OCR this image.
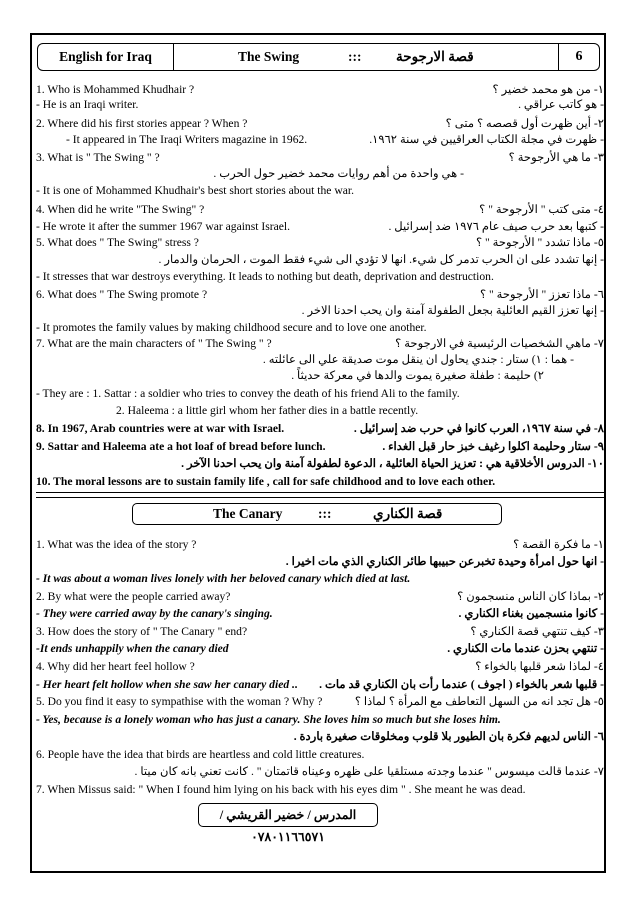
English for Iraq	The Swing	:::	قصة الارجوحة	6
1. Who is Mohammed Khudhair ?	١- من هو محمد خضير ؟
- He is an Iraqi writer.	- هو كاتب عراقي .
2. Where did his first stories appear ? When ?	٢- أين ظهرت أول قصصه ؟ متى ؟
- It appeared in The Iraqi Writers magazine in 1962.	- ظهرت في مجلة الكتاب العراقيين في سنة ١٩٦٢.
3. What is " The Swing " ?	٣- ما هي الأرجوحة ؟
- هي واحدة من أهم روايات محمد خضير حول الحرب .
- It is one of Mohammed Khudhair's best short stories about the war.
4. When did he write "The Swing" ?	٤- متى كتب " الأرجوحة " ؟
- He wrote it after the summer 1967 war against Israel.	- كتبها بعد حرب صيف عام ١٩٧٦ ضد إسرائيل .
5. What does " The Swing" stress ?	٥- ماذا تشدد " الأرجوحة " ؟
- إنها تشدد على ان الحرب تدمر كل شيء. انها لا تؤدي الى شيء فقط الموت ، الحرمان والدمار .
- It stresses that war destroys everything. It leads to nothing but death, deprivation and destruction.
6. What does " The Swing promote ?	٦- ماذا تعزز " الأرجوحة " ؟
- إنها تعزز القيم العائلية بجعل الطفولة آمنة وان يحب احدنا الاخر .
- It promotes the family values by making childhood secure and to love one another.
7. What are the main characters of " The Swing " ?	٧- ماهي الشخصيات الرئيسية في الارجوحة ؟
- هما : ١) ستار : جندي يحاول ان ينقل موت صديقة علي الى عائلته .
٢) حليمة : طفلة صغيرة يموت والدها في معركة حديثاً .
- They are : 1. Sattar : a soldier who tries to convey the death of his friend Ali to the family.
2. Haleema : a little girl whom her father dies in a battle recently.
8. In 1967, Arab countries were at war with Israel.	٨- في سنة ١٩٦٧، العرب كانوا في حرب ضد إسرائيل .
9. Sattar and Haleema ate a hot loaf of bread before lunch.	٩- ستار وحليمة اكلوا رغيف خبز حار قبل الغداء .
١٠- الدروس الأخلاقية هي : تعزيز الحياة العائلية ، الدعوة لطفولة آمنة وان يحب احدنا الآخر .
10. The moral lessons are to sustain family life , call for safe childhood and to love each other.
The Canary	:::	قصة الكناري
1. What was the idea of the story ?	١- ما فكرة القصة ؟
- انها حول امرأة وحيدة تخبرعن حبيبها طائر الكناري الذي مات اخيرا .
- It was about a woman lives lonely with her beloved canary which died at last.
2. By what were the people carried away?	٢- بماذا كان الناس منسجمون ؟
- They were carried away by the canary's singing.	- كانوا منسجمين بغناء الكناري .
3. How does the story of " The Canary " end?	٣- كيف تنتهي قصة الكناري ؟
-It ends unhappily when the canary died	- تنتهي بحزن عندما مات الكناري .
4. Why did her heart feel hollow ?	٤- لماذا شعر قلبها بالخواء ؟
- Her heart felt hollow when she saw her canary died .. - قلبها شعر بالخواء ( اجوف ) عندما رأت بان الكناري قد مات .
5. Do you find it easy to sympathise with the woman ? Why ?	٥- هل تجد انه من السهل التعاطف مع المرأة ؟ لماذا ؟
- Yes, because is a lonely woman who has just a canary. She loves him so much but she loses him.
٦- الناس لديهم فكرة بان الطيور بلا قلوب ومخلوقات صغيرة باردة .
6. People have the idea that birds are heartless and cold little creatures.
٧- عندما قالت ميسوس " عندما وجدته مستلقيا على ظهره وعيناه قاتمتان " . كانت تعني بانه كان ميتا .
7. When Missus said: " When I found him lying on his back with his eyes dim " . She meant he was dead.
المدرس / خضير القريشي / ٠٧٨٠١١٦٦٥٧١
